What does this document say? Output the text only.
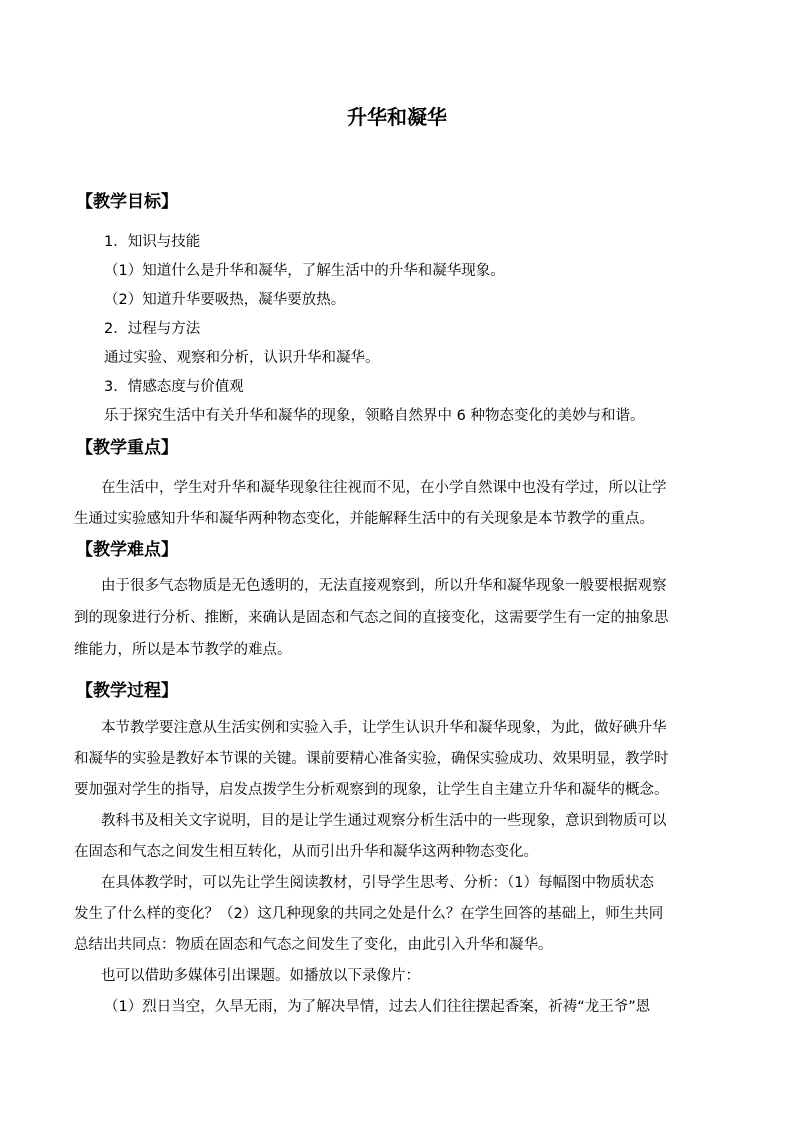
升华和凝华
【教学目标】
1．知识与技能
（1）知道什么是升华和凝华，了解生活中的升华和凝华现象。
（2）知道升华要吸热，凝华要放热。
2．过程与方法
通过实验、观察和分析，认识升华和凝华。
3．情感态度与价值观
乐于探究生活中有关升华和凝华的现象，领略自然界中 6 种物态变化的美妙与和谐。
【教学重点】
在生活中，学生对升华和凝华现象往往视而不见，在小学自然课中也没有学过，所以让学
生通过实验感知升华和凝华两种物态变化，并能解释生活中的有关现象是本节教学的重点。
【教学难点】
由于很多气态物质是无色透明的，无法直接观察到，所以升华和凝华现象一般要根据观察
到的现象进行分析、推断，来确认是固态和气态之间的直接变化，这需要学生有一定的抽象思
维能力，所以是本节教学的难点。
【教学过程】
本节教学要注意从生活实例和实验入手，让学生认识升华和凝华现象，为此，做好碘升华
和凝华的实验是教好本节课的关键。课前要精心准备实验，确保实验成功、效果明显，教学时
要加强对学生的指导，启发点拨学生分析观察到的现象，让学生自主建立升华和凝华的概念。
教科书及相关文字说明，目的是让学生通过观察分析生活中的一些现象，意识到物质可以
在固态和气态之间发生相互转化，从而引出升华和凝华这两种物态变化。
在具体教学时，可以先让学生阅读教材，引导学生思考、分析：（1）每幅图中物质状态
发生了什么样的变化？（2）这几种现象的共同之处是什么？在学生回答的基础上，师生共同
总结出共同点：物质在固态和气态之间发生了变化，由此引入升华和凝华。
也可以借助多媒体引出课题。如播放以下录像片：
（1）烈日当空，久旱无雨，为了解决旱情，过去人们往往摆起香案，祈祷“龙王爷”恩
